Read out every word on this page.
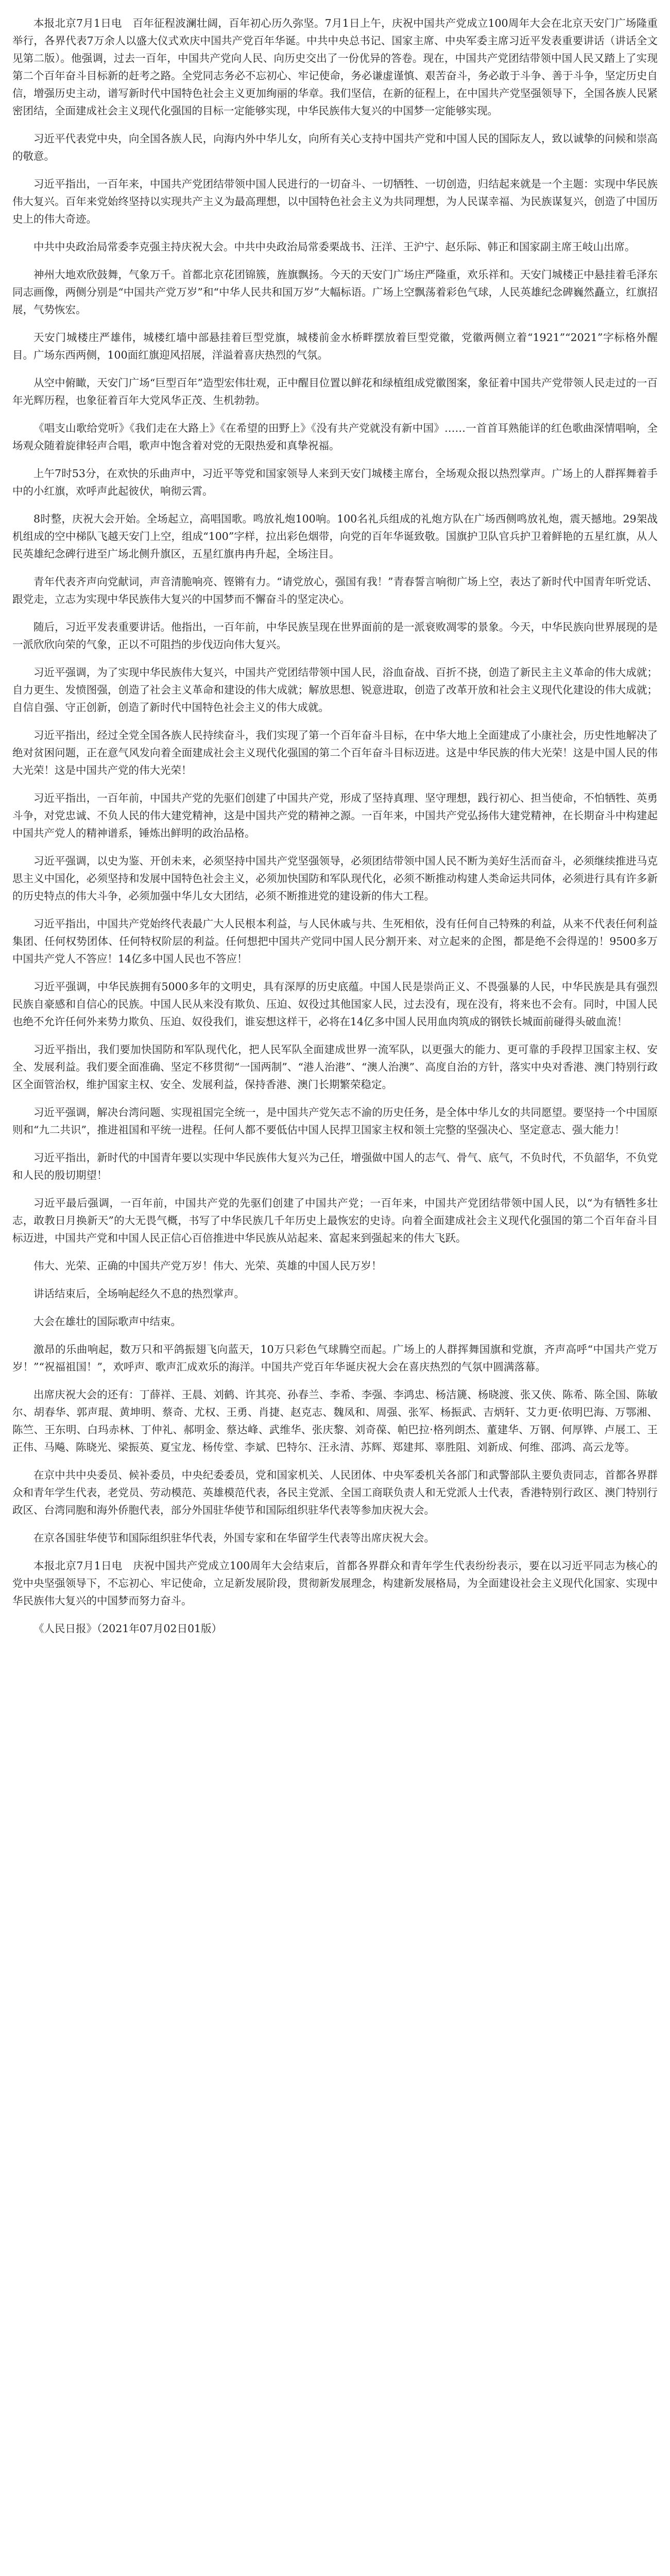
本报北京7月1日电　百年征程波澜壮阔，百年初心历久弥坚。7月1日上午，庆祝中国共产党成立100周年大会在北京天安门广场隆重举行，各界代表7万余人以盛大仪式欢庆中国共产党百年华诞。中共中央总书记、国家主席、中央军委主席习近平发表重要讲话（讲话全文见第二版）。他强调，过去一百年，中国共产党向人民、向历史交出了一份优异的答卷。现在，中国共产党团结带领中国人民又踏上了实现第二个百年奋斗目标新的赶考之路。全党同志务必不忘初心、牢记使命，务必谦虚谨慎、艰苦奋斗，务必敢于斗争、善于斗争，坚定历史自信，增强历史主动，谱写新时代中国特色社会主义更加绚丽的华章。我们坚信，在新的征程上，在中国共产党坚强领导下，全国各族人民紧密团结，全面建成社会主义现代化强国的目标一定能够实现，中华民族伟大复兴的中国梦一定能够实现。

习近平代表党中央，向全国各族人民，向海内外中华儿女，向所有关心支持中国共产党和中国人民的国际友人，致以诚挚的问候和崇高的敬意。

习近平指出，一百年来，中国共产党团结带领中国人民进行的一切奋斗、一切牺牲、一切创造，归结起来就是一个主题：实现中华民族伟大复兴。百年来党始终坚持以实现共产主义为最高理想，以中国特色社会主义为共同理想，为人民谋幸福、为民族谋复兴，创造了中国历史上的伟大奇迹。

中共中央政治局常委李克强主持庆祝大会。中共中央政治局常委栗战书、汪洋、王沪宁、赵乐际、韩正和国家副主席王岐山出席。

神州大地欢欣鼓舞，气象万千。首都北京花团锦簇，旌旗飘扬。今天的天安门广场庄严隆重，欢乐祥和。天安门城楼正中悬挂着毛泽东同志画像，两侧分别是“中国共产党万岁”和“中华人民共和国万岁”大幅标语。广场上空飘荡着彩色气球，人民英雄纪念碑巍然矗立，红旗招展，气势恢宏。

天安门城楼庄严雄伟，城楼红墙中部悬挂着巨型党旗，城楼前金水桥畔摆放着巨型党徽，党徽两侧立着“1921”“2021”字标格外醒目。广场东西两侧，100面红旗迎风招展，洋溢着喜庆热烈的气氛。

从空中俯瞰，天安门广场“巨型百年”造型宏伟壮观，正中醒目位置以鲜花和绿植组成党徽图案，象征着中国共产党带领人民走过的一百年光辉历程，也象征着百年大党风华正茂、生机勃勃。

《唱支山歌给党听》《我们走在大路上》《在希望的田野上》《没有共产党就没有新中国》……一首首耳熟能详的红色歌曲深情唱响，全场观众随着旋律轻声合唱，歌声中饱含着对党的无限热爱和真挚祝福。

上午7时53分，在欢快的乐曲声中，习近平等党和国家领导人来到天安门城楼主席台，全场观众报以热烈掌声。广场上的人群挥舞着手中的小红旗，欢呼声此起彼伏，响彻云霄。

8时整，庆祝大会开始。全场起立，高唱国歌。鸣放礼炮100响。100名礼兵组成的礼炮方队在广场西侧鸣放礼炮，震天撼地。29架战机组成的空中梯队飞越天安门上空，组成“100”字样，拉出彩色烟带，向党的百年华诞致敬。国旗护卫队官兵护卫着鲜艳的五星红旗，从人民英雄纪念碑行进至广场北侧升旗区，五星红旗冉冉升起，全场注目。

青年代表齐声向党献词，声音清脆响亮、铿锵有力。“请党放心，强国有我！”青春誓言响彻广场上空，表达了新时代中国青年听党话、跟党走，立志为实现中华民族伟大复兴的中国梦而不懈奋斗的坚定决心。

随后，习近平发表重要讲话。他指出，一百年前，中华民族呈现在世界面前的是一派衰败凋零的景象。今天，中华民族向世界展现的是一派欣欣向荣的气象，正以不可阻挡的步伐迈向伟大复兴。

习近平强调，为了实现中华民族伟大复兴，中国共产党团结带领中国人民，浴血奋战、百折不挠，创造了新民主主义革命的伟大成就；自力更生、发愤图强，创造了社会主义革命和建设的伟大成就；解放思想、锐意进取，创造了改革开放和社会主义现代化建设的伟大成就；自信自强、守正创新，创造了新时代中国特色社会主义的伟大成就。

习近平指出，经过全党全国各族人民持续奋斗，我们实现了第一个百年奋斗目标，在中华大地上全面建成了小康社会，历史性地解决了绝对贫困问题，正在意气风发向着全面建成社会主义现代化强国的第二个百年奋斗目标迈进。这是中华民族的伟大光荣！这是中国人民的伟大光荣！这是中国共产党的伟大光荣！

习近平指出，一百年前，中国共产党的先驱们创建了中国共产党，形成了坚持真理、坚守理想，践行初心、担当使命，不怕牺牲、英勇斗争，对党忠诚、不负人民的伟大建党精神，这是中国共产党的精神之源。一百年来，中国共产党弘扬伟大建党精神，在长期奋斗中构建起中国共产党人的精神谱系，锤炼出鲜明的政治品格。

习近平强调，以史为鉴、开创未来，必须坚持中国共产党坚强领导，必须团结带领中国人民不断为美好生活而奋斗，必须继续推进马克思主义中国化，必须坚持和发展中国特色社会主义，必须加快国防和军队现代化，必须不断推动构建人类命运共同体，必须进行具有许多新的历史特点的伟大斗争，必须加强中华儿女大团结，必须不断推进党的建设新的伟大工程。

习近平指出，中国共产党始终代表最广大人民根本利益，与人民休戚与共、生死相依，没有任何自己特殊的利益，从来不代表任何利益集团、任何权势团体、任何特权阶层的利益。任何想把中国共产党同中国人民分割开来、对立起来的企图，都是绝不会得逞的！9500多万中国共产党人不答应！14亿多中国人民也不答应！

习近平强调，中华民族拥有5000多年的文明史，具有深厚的历史底蕴。中国人民是崇尚正义、不畏强暴的人民，中华民族是具有强烈民族自豪感和自信心的民族。中国人民从来没有欺负、压迫、奴役过其他国家人民，过去没有，现在没有，将来也不会有。同时，中国人民也绝不允许任何外来势力欺负、压迫、奴役我们，谁妄想这样干，必将在14亿多中国人民用血肉筑成的钢铁长城面前碰得头破血流！

习近平指出，我们要加快国防和军队现代化，把人民军队全面建成世界一流军队，以更强大的能力、更可靠的手段捍卫国家主权、安全、发展利益。我们要全面准确、坚定不移贯彻“一国两制”、“港人治港”、“澳人治澳”、高度自治的方针，落实中央对香港、澳门特别行政区全面管治权，维护国家主权、安全、发展利益，保持香港、澳门长期繁荣稳定。

习近平强调，解决台湾问题、实现祖国完全统一，是中国共产党矢志不渝的历史任务，是全体中华儿女的共同愿望。要坚持一个中国原则和“九二共识”，推进祖国和平统一进程。任何人都不要低估中国人民捍卫国家主权和领土完整的坚强决心、坚定意志、强大能力！

习近平指出，新时代的中国青年要以实现中华民族伟大复兴为己任，增强做中国人的志气、骨气、底气，不负时代，不负韶华，不负党和人民的殷切期望！

习近平最后强调，一百年前，中国共产党的先驱们创建了中国共产党；一百年来，中国共产党团结带领中国人民，以“为有牺牲多壮志，敢教日月换新天”的大无畏气概，书写了中华民族几千年历史上最恢宏的史诗。向着全面建成社会主义现代化强国的第二个百年奋斗目标迈进，中国共产党和中国人民正信心百倍推进中华民族从站起来、富起来到强起来的伟大飞跃。

伟大、光荣、正确的中国共产党万岁！伟大、光荣、英雄的中国人民万岁！

讲话结束后，全场响起经久不息的热烈掌声。

大会在雄壮的国际歌声中结束。

激昂的乐曲响起，数万只和平鸽振翅飞向蓝天，10万只彩色气球腾空而起。广场上的人群挥舞国旗和党旗，齐声高呼“中国共产党万岁！”“祝福祖国！”，欢呼声、歌声汇成欢乐的海洋。中国共产党百年华诞庆祝大会在喜庆热烈的气氛中圆满落幕。

出席庆祝大会的还有：丁薛祥、王晨、刘鹤、许其亮、孙春兰、李希、李强、李鸿忠、杨洁篪、杨晓渡、张又侠、陈希、陈全国、陈敏尔、胡春华、郭声琨、黄坤明、蔡奇、尤权、王勇、肖捷、赵克志、魏凤和、周强、张军、杨振武、吉炳轩、艾力更·依明巴海、万鄂湘、陈竺、王东明、白玛赤林、丁仲礼、郝明金、蔡达峰、武维华、张庆黎、刘奇葆、帕巴拉·格列朗杰、董建华、万钢、何厚铧、卢展工、王正伟、马飚、陈晓光、梁振英、夏宝龙、杨传堂、李斌、巴特尔、汪永清、苏辉、郑建邦、辜胜阻、刘新成、何维、邵鸿、高云龙等。

在京中共中央委员、候补委员，中央纪委委员，党和国家机关、人民团体、中央军委机关各部门和武警部队主要负责同志，首都各界群众和青年学生代表，老党员、劳动模范、英雄模范代表，各民主党派、全国工商联负责人和无党派人士代表，香港特别行政区、澳门特别行政区、台湾同胞和海外侨胞代表，部分外国驻华使节和国际组织驻华代表等参加庆祝大会。

在京各国驻华使节和国际组织驻华代表，外国专家和在华留学生代表等出席庆祝大会。

本报北京7月1日电　庆祝中国共产党成立100周年大会结束后，首都各界群众和青年学生代表纷纷表示，要在以习近平同志为核心的党中央坚强领导下，不忘初心、牢记使命，立足新发展阶段，贯彻新发展理念，构建新发展格局，为全面建设社会主义现代化国家、实现中华民族伟大复兴的中国梦而努力奋斗。

《人民日报》（2021年07月02日01版）
